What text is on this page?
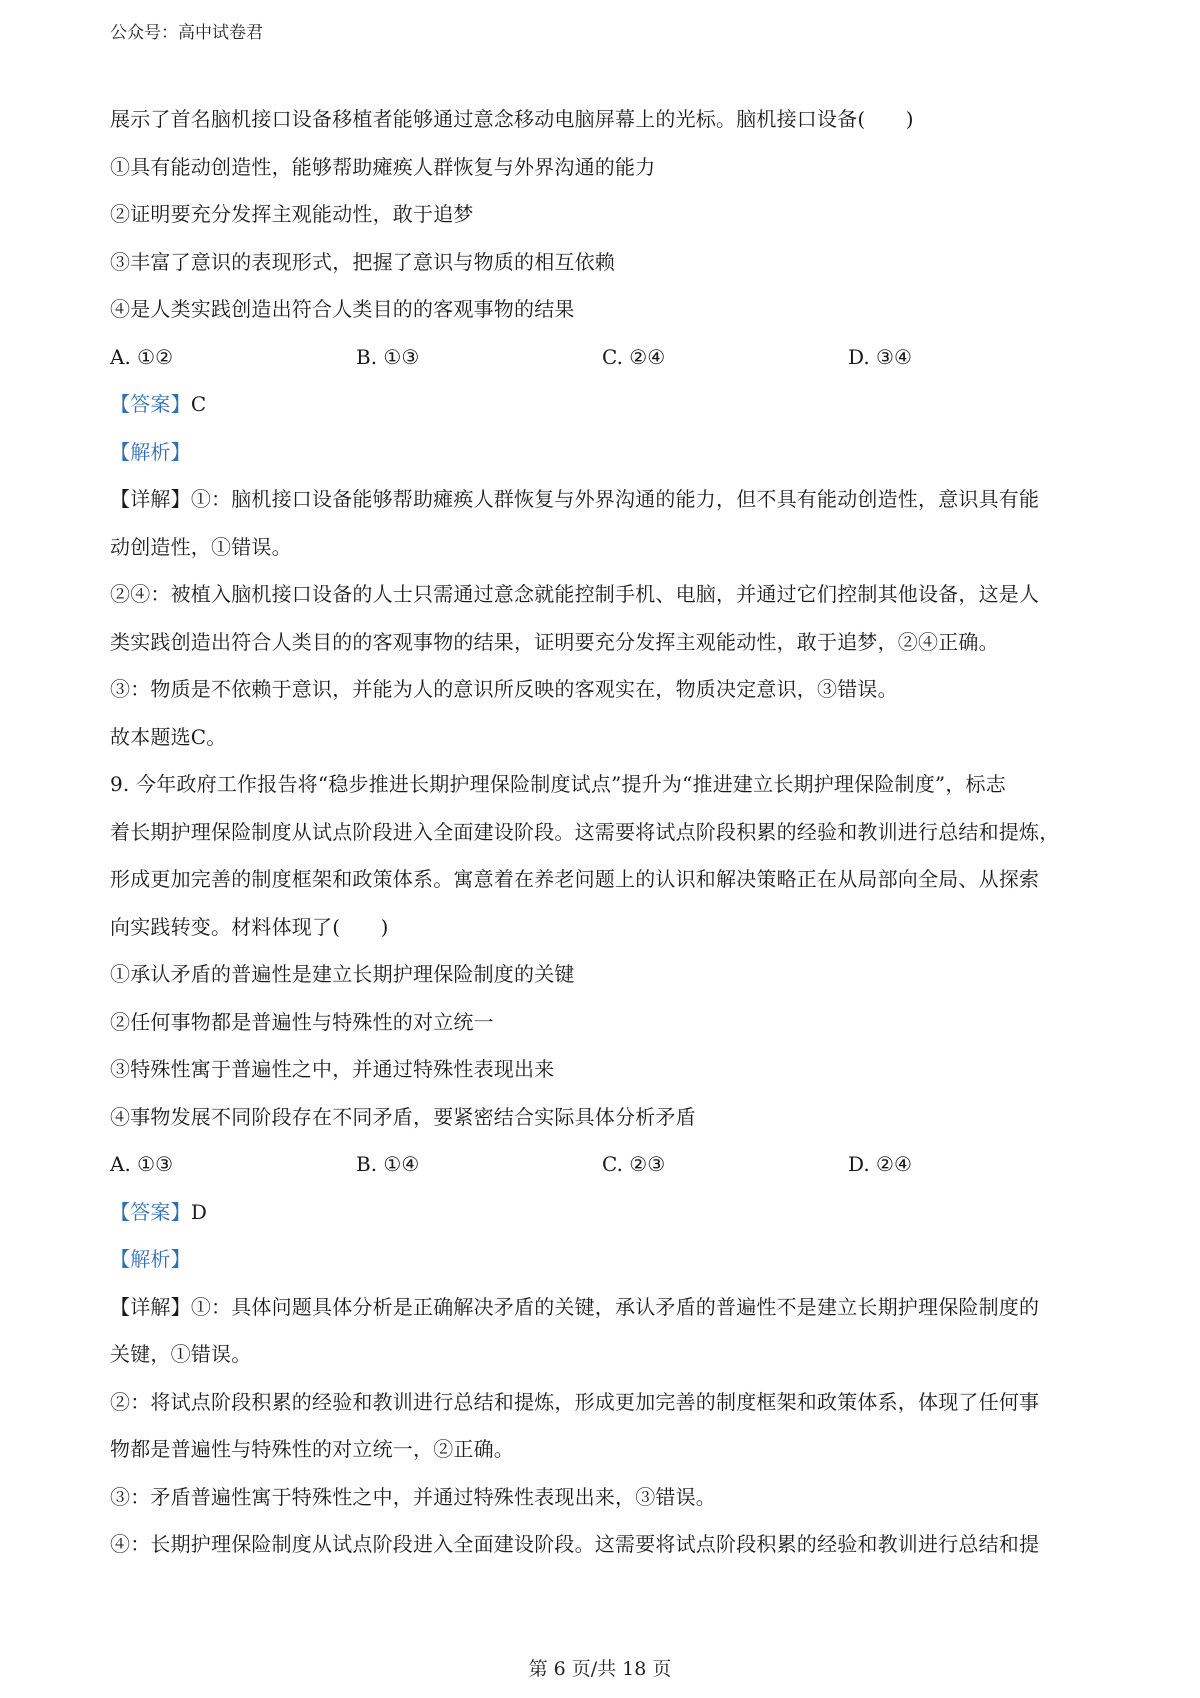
公众号：高中试卷君
展示了首名脑机接口设备移植者能够通过意念移动电脑屏幕上的光标。脑机接口设备(　　)
①具有能动创造性，能够帮助瘫痪人群恢复与外界沟通的能力
②证明要充分发挥主观能动性，敢于追梦
③丰富了意识的表现形式，把握了意识与物质的相互依赖
④是人类实践创造出符合人类目的的客观事物的结果
A. ①②	B. ①③	C. ②④	D. ③④
【答案】C
【解析】
【详解】①：脑机接口设备能够帮助瘫痪人群恢复与外界沟通的能力，但不具有能动创造性，意识具有能
动创造性，①错误。
②④：被植入脑机接口设备的人士只需通过意念就能控制手机、电脑，并通过它们控制其他设备，这是人
类实践创造出符合人类目的的客观事物的结果，证明要充分发挥主观能动性，敢于追梦，②④正确。
③：物质是不依赖于意识，并能为人的意识所反映的客观实在，物质决定意识，③错误。
故本题选C。
9. 今年政府工作报告将“稳步推进长期护理保险制度试点”提升为“推进建立长期护理保险制度”，标志
着长期护理保险制度从试点阶段进入全面建设阶段。这需要将试点阶段积累的经验和教训进行总结和提炼，
形成更加完善的制度框架和政策体系。寓意着在养老问题上的认识和解决策略正在从局部向全局、从探索
向实践转变。材料体现了(　　)
①承认矛盾的普遍性是建立长期护理保险制度的关键
②任何事物都是普遍性与特殊性的对立统一
③特殊性寓于普遍性之中，并通过特殊性表现出来
④事物发展不同阶段存在不同矛盾，要紧密结合实际具体分析矛盾
A. ①③	B. ①④	C. ②③	D. ②④
【答案】D
【解析】
【详解】①：具体问题具体分析是正确解决矛盾的关键，承认矛盾的普遍性不是建立长期护理保险制度的
关键，①错误。
②：将试点阶段积累的经验和教训进行总结和提炼，形成更加完善的制度框架和政策体系，体现了任何事
物都是普遍性与特殊性的对立统一，②正确。
③：矛盾普遍性寓于特殊性之中，并通过特殊性表现出来，③错误。
④：长期护理保险制度从试点阶段进入全面建设阶段。这需要将试点阶段积累的经验和教训进行总结和提
第 6 页/共 18 页
